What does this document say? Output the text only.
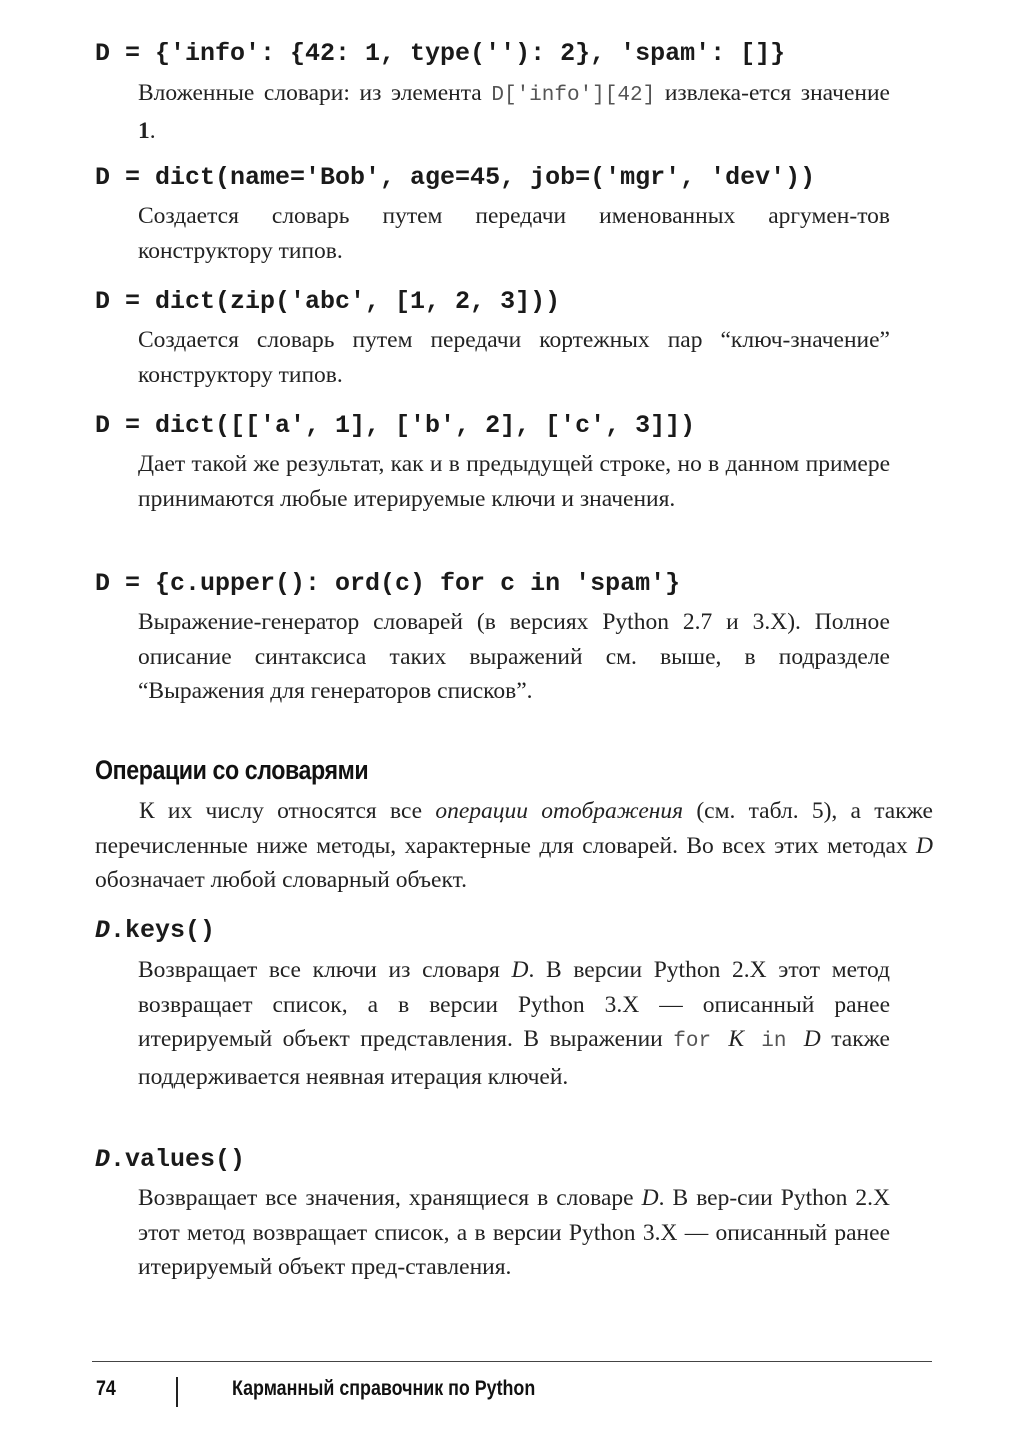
D = {'info': {42: 1, type(''): 2}, 'spam': []}
Вложенные словари: из элемента D['info'][42] извлека-ется значение 1.
D = dict(name='Bob', age=45, job=('mgr', 'dev'))
Создается словарь путем передачи именованных аргумен-тов конструктору типов.
D = dict(zip('abc', [1, 2, 3]))
Создается словарь путем передачи кортежных пар “ключ-значение” конструктору типов.
D = dict([['a', 1], ['b', 2], ['c', 3]])
Дает такой же результат, как и в предыдущей строке, но в данном примере принимаются любые итерируемые ключи и значения.
D = {c.upper(): ord(c) for c in 'spam'}
Выражение-генератор словарей (в версиях Python 2.7 и 3.X). Полное описание синтаксиса таких выражений см. выше, в подразделе “Выражения для генераторов списков”.
Операции со словарями
К их числу относятся все операции отображения (см. табл. 5), а также перечисленные ниже методы, характерные для словарей. Во всех этих методах D обозначает любой словарный объект.
D.keys()
Возвращает все ключи из словаря D. В версии Python 2.X этот метод возвращает список, а в версии Python 3.X — описанный ранее итерируемый объект представления. В выражении for K in D также поддерживается неявная итерация ключей.
D.values()
Возвращает все значения, хранящиеся в словаре D. В вер-сии Python 2.X этот метод возвращает список, а в версии Python 3.X — описанный ранее итерируемый объект пред-ставления.
74	Карманный справочник по Python
